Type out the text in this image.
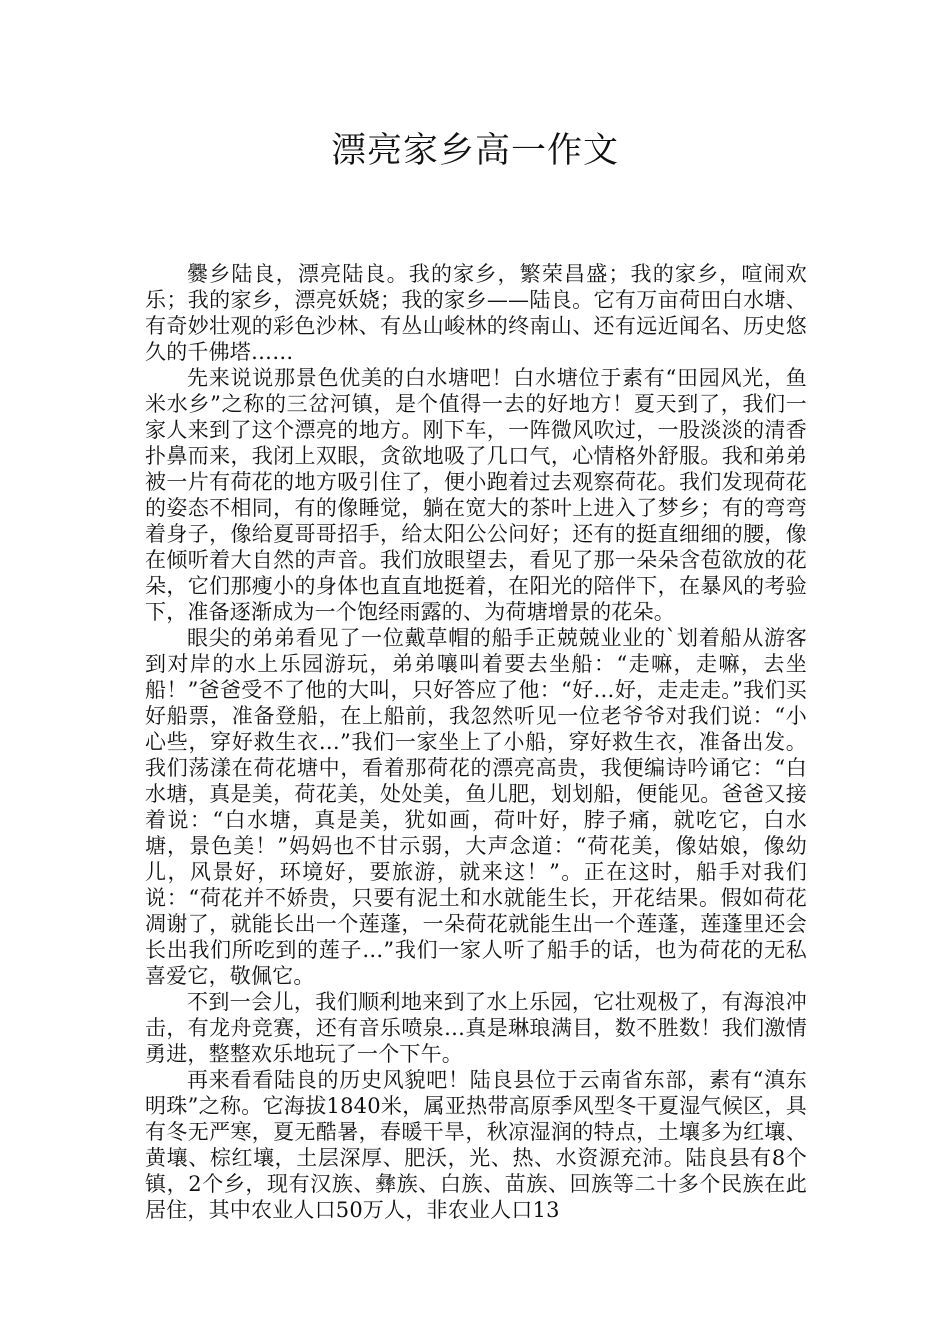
漂亮家乡高一作文

爨乡陆良，漂亮陆良。我的家乡，繁荣昌盛；我的家乡，喧闹欢乐；我的家乡，漂亮妖娆；我的家乡——陆良。它有万亩荷田白水塘、有奇妙壮观的彩色沙林、有丛山峻林的终南山、还有远近闻名、历史悠久的千佛塔……

先来说说那景色优美的白水塘吧！白水塘位于素有“田园风光，鱼米水乡”之称的三岔河镇，是个值得一去的好地方！夏天到了，我们一家人来到了这个漂亮的地方。刚下车，一阵微风吹过，一股淡淡的清香扑鼻而来，我闭上双眼，贪欲地吸了几口气，心情格外舒服。我和弟弟被一片有荷花的地方吸引住了，便小跑着过去观察荷花。我们发现荷花的姿态不相同，有的像睡觉，躺在宽大的茶叶上进入了梦乡；有的弯弯着身子，像给夏哥哥招手，给太阳公公问好；还有的挺直细细的腰，像在倾听着大自然的声音。我们放眼望去，看见了那一朵朵含苞欲放的花朵，它们那瘦小的身体也直直地挺着，在阳光的陪伴下，在暴风的考验下，准备逐渐成为一个饱经雨露的、为荷塘增景的花朵。

眼尖的弟弟看见了一位戴草帽的船手正兢兢业业的`划着船从游客到对岸的水上乐园游玩，弟弟嚷叫着要去坐船：“走嘛，走嘛，去坐船！”爸爸受不了他的大叫，只好答应了他：“好…好，走走走。”我们买好船票，准备登船，在上船前，我忽然听见一位老爷爷对我们说：“小心些，穿好救生衣…”我们一家坐上了小船，穿好救生衣，准备出发。我们荡漾在荷花塘中，看着那荷花的漂亮高贵，我便编诗吟诵它：“白水塘，真是美，荷花美，处处美，鱼儿肥，划划船，便能见。爸爸又接着说：“白水塘，真是美，犹如画，荷叶好，脖子痛，就吃它，白水塘，景色美！”妈妈也不甘示弱，大声念道：“荷花美，像姑娘，像幼儿，风景好，环境好，要旅游，就来这！”。正在这时，船手对我们说：“荷花并不娇贵，只要有泥土和水就能生长，开花结果。假如荷花凋谢了，就能长出一个莲蓬，一朵荷花就能生出一个莲蓬，莲蓬里还会长出我们所吃到的莲子…”我们一家人听了船手的话，也为荷花的无私喜爱它，敬佩它。

不到一会儿，我们顺利地来到了水上乐园，它壮观极了，有海浪冲击，有龙舟竞赛，还有音乐喷泉…真是琳琅满目，数不胜数！我们激情勇进，整整欢乐地玩了一个下午。

再来看看陆良的历史风貌吧！陆良县位于云南省东部，素有“滇东明珠”之称。它海拔1840米，属亚热带高原季风型冬干夏湿气候区，具有冬无严寒，夏无酷暑，春暖干旱，秋凉湿润的特点，土壤多为红壤、黄壤、棕红壤，土层深厚、肥沃，光、热、水资源充沛。陆良县有8个镇，2个乡，现有汉族、彝族、白族、苗族、回族等二十多个民族在此居住，其中农业人口50万人，非农业人口13
